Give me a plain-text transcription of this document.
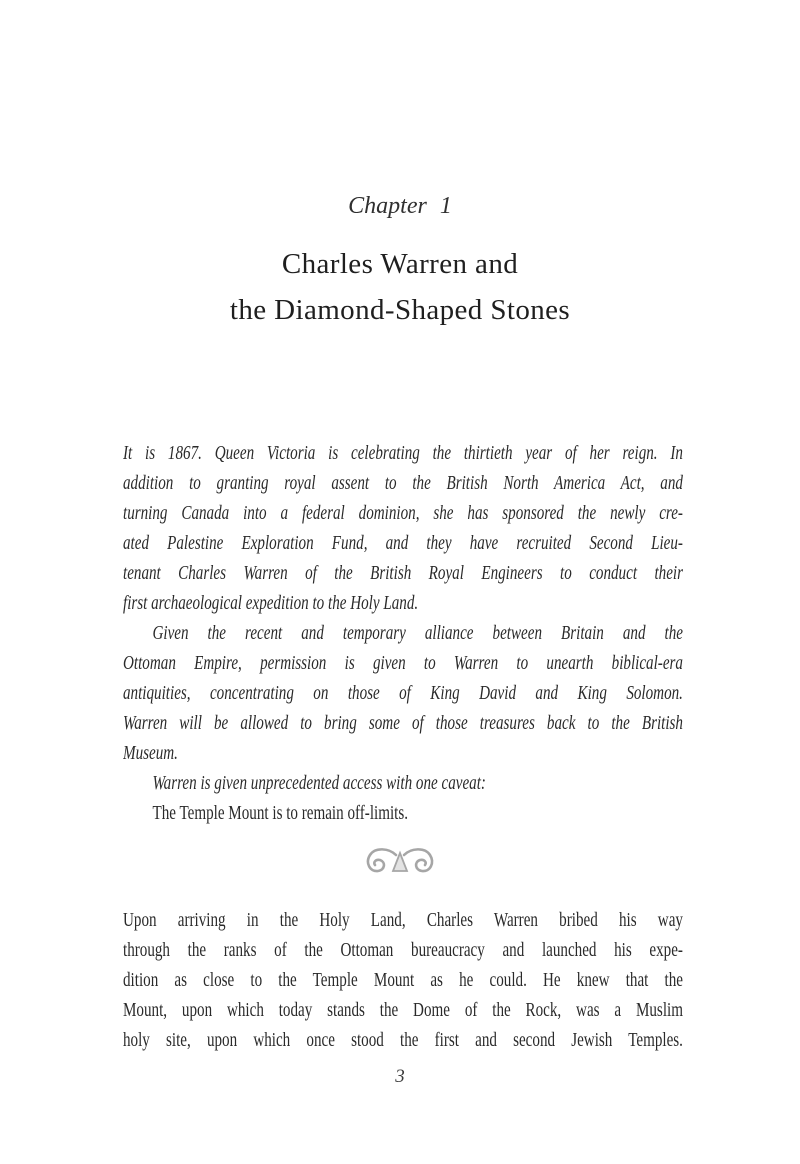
Chapter 1
Charles Warren and
the Diamond-Shaped Stones
It is 1867. Queen Victoria is celebrating the thirtieth year of her reign. In
addition to granting royal assent to the British North America Act, and
turning Canada into a federal dominion, she has sponsored the newly cre-
ated Palestine Exploration Fund, and they have recruited Second Lieu-
tenant Charles Warren of the British Royal Engineers to conduct their
first archaeological expedition to the Holy Land.
Given the recent and temporary alliance between Britain and the
Ottoman Empire, permission is given to Warren to unearth biblical-era
antiquities, concentrating on those of King David and King Solomon.
Warren will be allowed to bring some of those treasures back to the British
Museum.
Warren is given unprecedented access with one caveat:
The Temple Mount is to remain off-limits.
Upon arriving in the Holy Land, Charles Warren bribed his way
through the ranks of the Ottoman bureaucracy and launched his expe-
dition as close to the Temple Mount as he could. He knew that the
Mount, upon which today stands the Dome of the Rock, was a Muslim
holy site, upon which once stood the first and second Jewish Temples.
3
